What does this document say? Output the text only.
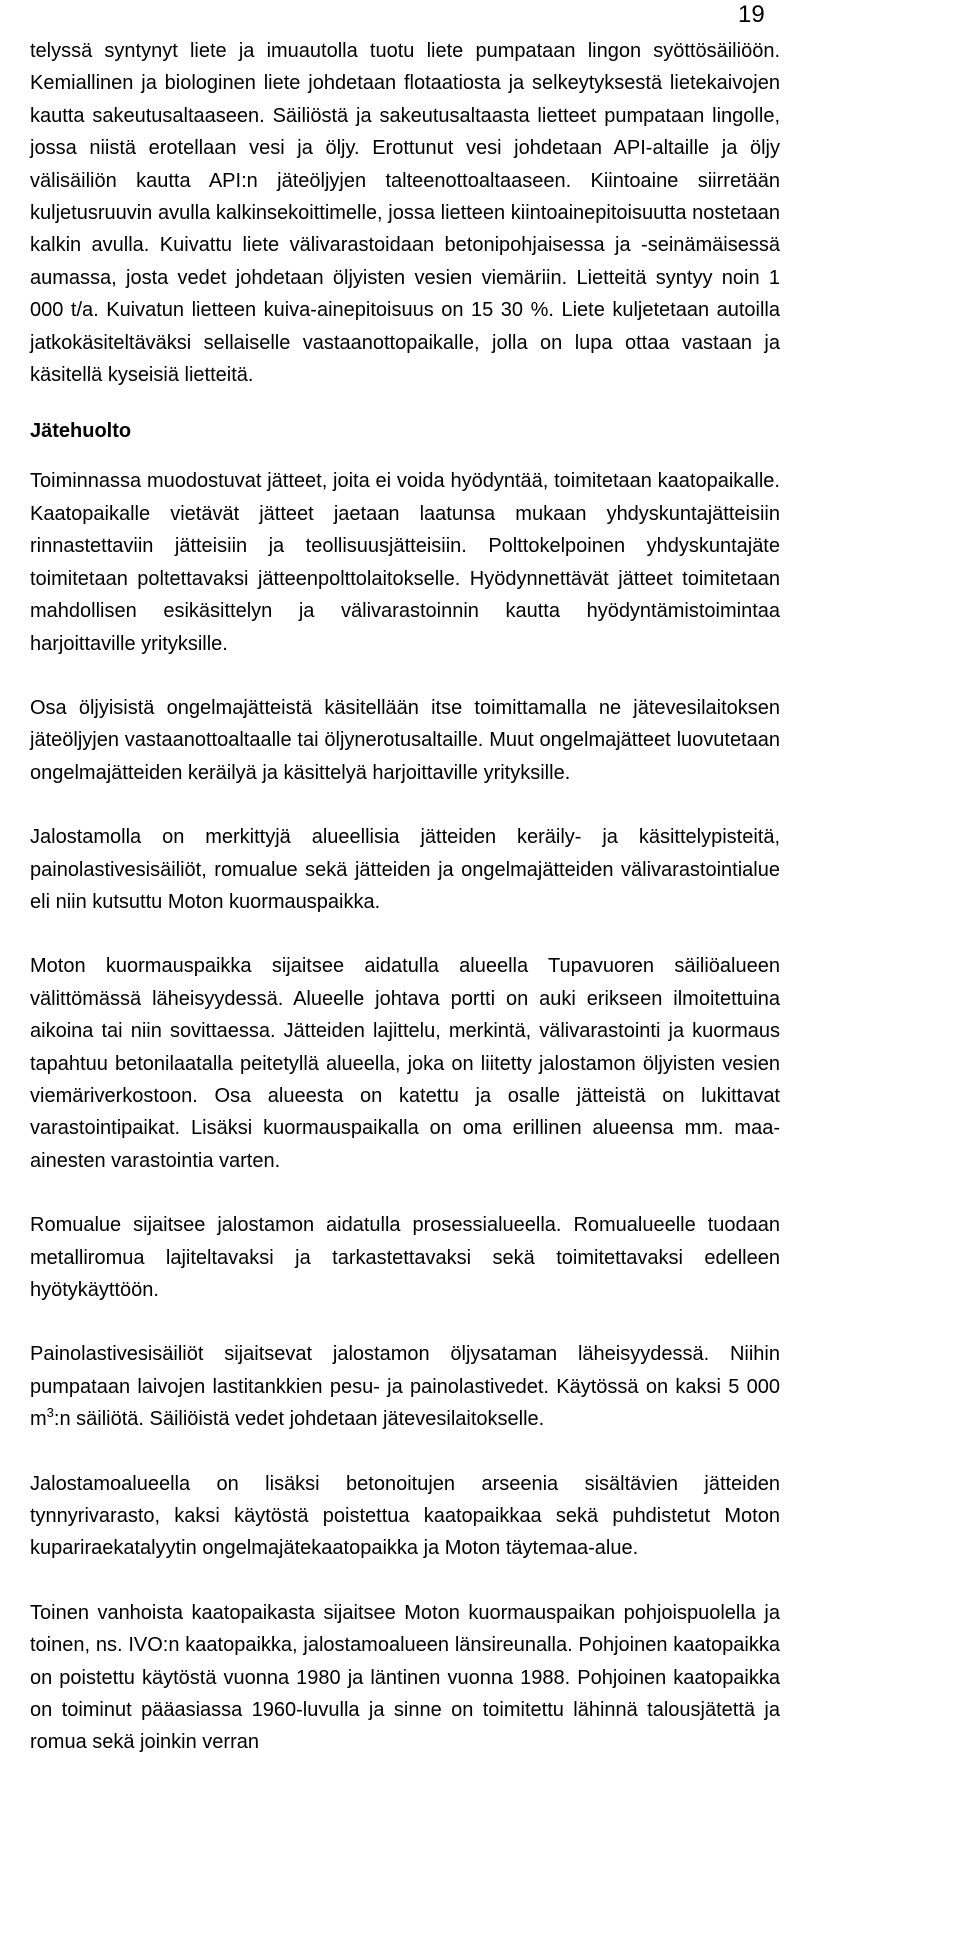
19

telyssä syntynyt liete ja imuautolla tuotu liete pumpataan lingon syöttösäiliöön. Kemiallinen ja biologinen liete johdetaan flotaatiosta ja selkeytyksestä lietekaivojen kautta sakeutusaltaaseen. Säiliöstä ja sakeutusaltaasta lietteet pumpataan lingolle, jossa niistä erotellaan vesi ja öljy. Erottunut vesi johdetaan API-altaille ja öljy välisäiliön kautta API:n jäteöljyjen talteenottoaltaaseen. Kiintoaine siirretään kuljetusruuvin avulla kalkinsekoittimelle, jossa lietteen kiintoainepitoisuutta nostetaan kalkin avulla. Kuivattu liete välivarastoidaan betonipohjaisessa ja -seinämäisessä aumassa, josta vedet johdetaan öljyisten vesien viemäriin. Lietteitä syntyy noin 1 000 t/a. Kuivatun lietteen kuiva-ainepitoisuus on 15 30 %. Liete kuljetetaan autoilla jatkokäsiteltäväksi sellaiselle vastaanottopaikalle, jolla on lupa ottaa vastaan ja käsitellä kyseisiä lietteitä.

Jätehuolto

Toiminnassa muodostuvat jätteet, joita ei voida hyödyntää, toimitetaan kaatopaikalle. Kaatopaikalle vietävät jätteet jaetaan laatunsa mukaan yhdyskuntajätteisiin rinnastettaviin jätteisiin ja teollisuusjätteisiin. Polttokelpoinen yhdyskuntajäte toimitetaan poltettavaksi jätteenpolttolaitokselle. Hyödynnettävät jätteet toimitetaan mahdollisen esikäsittelyn ja välivarastoinnin kautta hyödyntämistoimintaa harjoittaville yrityksille.

Osa öljyisistä ongelmajätteistä käsitellään itse toimittamalla ne jätevesilaitoksen jäteöljyjen vastaanottoaltaalle tai öljynerotusaltaille. Muut ongelmajätteet luovutetaan ongelmajätteiden keräilyä ja käsittelyä harjoittaville yrityksille.

Jalostamolla on merkittyjä alueellisia jätteiden keräily- ja käsittelypisteitä, painolastivesisäiliöt, romualue sekä jätteiden ja ongelmajätteiden välivarastointialue eli niin kutsuttu Moton kuormauspaikka.

Moton kuormauspaikka sijaitsee aidatulla alueella Tupavuoren säiliöalueen välittömässä läheisyydessä. Alueelle johtava portti on auki erikseen ilmoitettuina aikoina tai niin sovittaessa. Jätteiden lajittelu, merkintä, välivarastointi ja kuormaus tapahtuu betonilaatalla peitetyllä alueella, joka on liitetty jalostamon öljyisten vesien viemäriverkostoon. Osa alueesta on katettu ja osalle jätteistä on lukittavat varastointipaikat. Lisäksi kuormauspaikalla on oma erillinen alueensa mm. maa-ainesten varastointia varten.

Romualue sijaitsee jalostamon aidatulla prosessialueella. Romualueelle tuodaan metalliromua lajiteltavaksi ja tarkastettavaksi sekä toimitettavaksi edelleen hyötykäyttöön.

Painolastivesisäiliöt sijaitsevat jalostamon öljysataman läheisyydessä. Niihin pumpataan laivojen lastitankkien pesu- ja painolastivedet. Käytössä on kaksi 5 000 $m^3:n$ säiliötä. Säiliöistä vedet johdetaan jätevesilaitokselle.

Jalostamoalueella on lisäksi betonoitujen arseenia sisältävien jätteiden tynnyrivarasto, kaksi käytöstä poistettua kaatopaikkaa sekä puhdistetut Moton kupariraekatalyytin ongelmajätekaatopaikka ja Moton täytemaa-alue.

Toinen vanhoista kaatopaikasta sijaitsee Moton kuormauspaikan pohjoispuolella ja toinen, ns. IVO:n kaatopaikka, jalostamoalueen länsireunalla. Pohjoinen kaatopaikka on poistettu käytöstä vuonna 1980 ja läntinen vuonna 1988. Pohjoinen kaatopaikka on toiminut pääasiassa 1960-luvulla ja sinne on toimitettu lähinnä talousjätettä ja romua sekä joinkin verran
